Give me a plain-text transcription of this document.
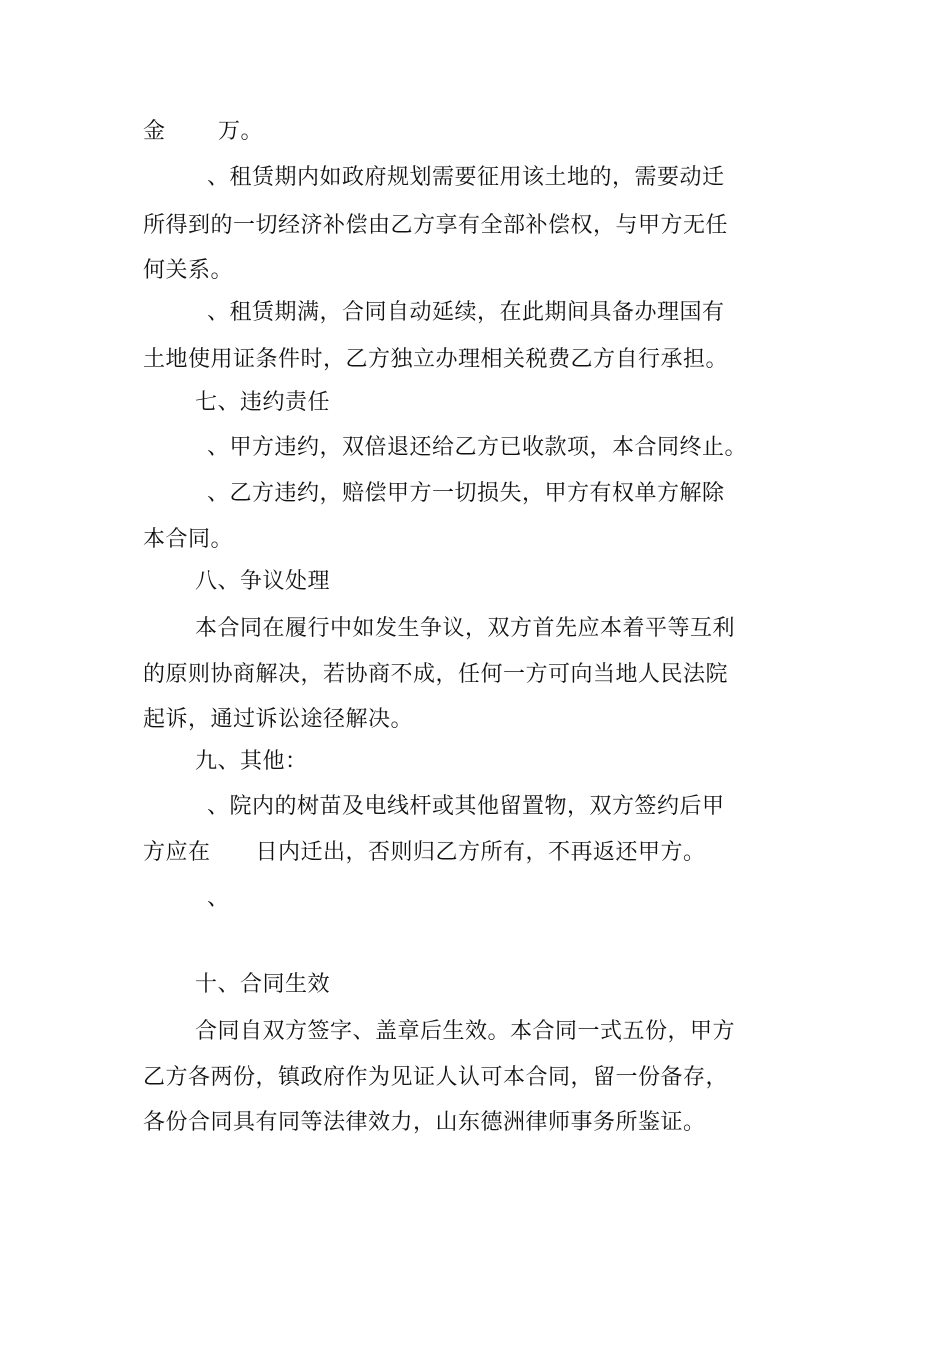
金       万。
、租赁期内如政府规划需要征用该土地的，需要动迁
所得到的一切经济补偿由乙方享有全部补偿权，与甲方无任
何关系。
、租赁期满，合同自动延续，在此期间具备办理国有
土地使用证条件时，乙方独立办理相关税费乙方自行承担。
七、违约责任
、甲方违约，双倍退还给乙方已收款项，本合同终止。
、乙方违约，赔偿甲方一切损失，甲方有权单方解除
本合同。
八、争议处理
本合同在履行中如发生争议，双方首先应本着平等互利
的原则协商解决，若协商不成，任何一方可向当地人民法院
起诉，通过诉讼途径解决。
九、其他：
、院内的树苗及电线杆或其他留置物，双方签约后甲
方应在      日内迁出，否则归乙方所有，不再返还甲方。
、
十、合同生效
合同自双方签字、盖章后生效。本合同一式五份，甲方
乙方各两份，镇政府作为见证人认可本合同，留一份备存，
各份合同具有同等法律效力，山东德洲律师事务所鉴证。
